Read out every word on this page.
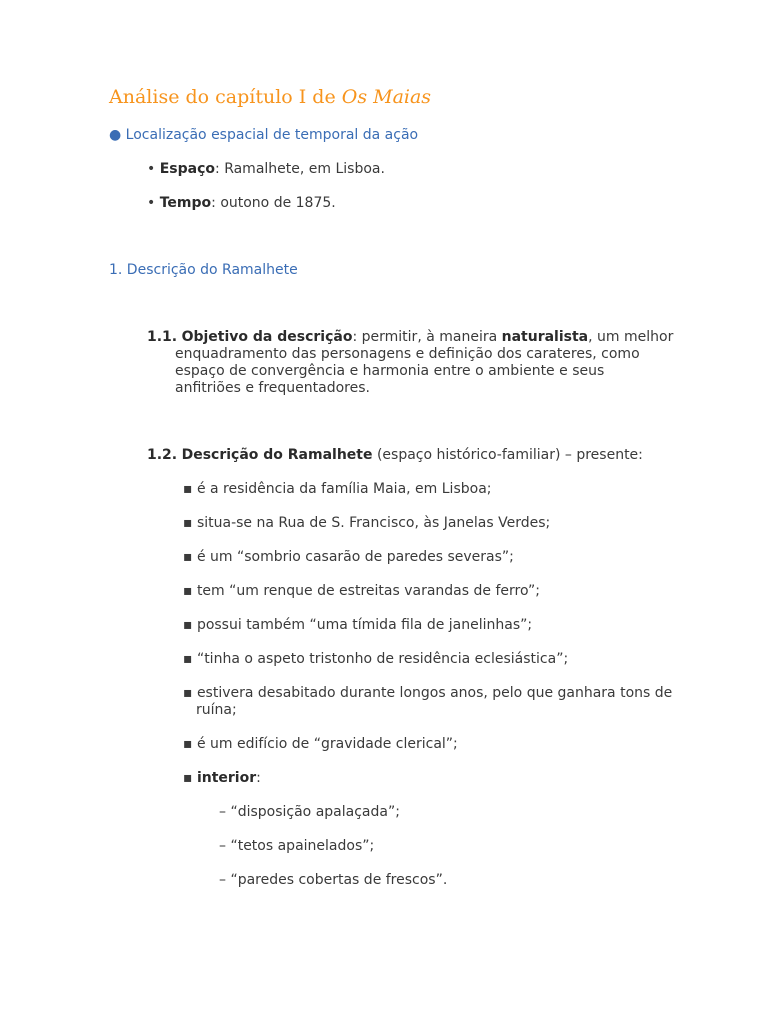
Análise do capítulo I de Os Maias
● Localização espacial de temporal da ação
• Espaço: Ramalhete, em Lisboa.
• Tempo: outono de 1875.
1. Descrição do Ramalhete
1.1. Objetivo da descrição: permitir, à maneira naturalista, um melhor
enquadramento das personagens e definição dos carateres, como
espaço de convergência e harmonia entre o ambiente e seus
anfitriões e frequentadores.
1.2. Descrição do Ramalhete (espaço histórico-familiar) – presente:
▪ é a residência da família Maia, em Lisboa;
▪ situa-se na Rua de S. Francisco, às Janelas Verdes;
▪ é um “sombrio casarão de paredes severas”;
▪ tem “um renque de estreitas varandas de ferro”;
▪ possui também “uma tímida fila de janelinhas”;
▪ “tinha o aspeto tristonho de residência eclesiástica”;
▪ estivera desabitado durante longos anos, pelo que ganhara tons de
ruína;
▪ é um edifício de “gravidade clerical”;
▪ interior:
– “disposição apalaçada”;
– “tetos apainelados”;
– “paredes cobertas de frescos”.
